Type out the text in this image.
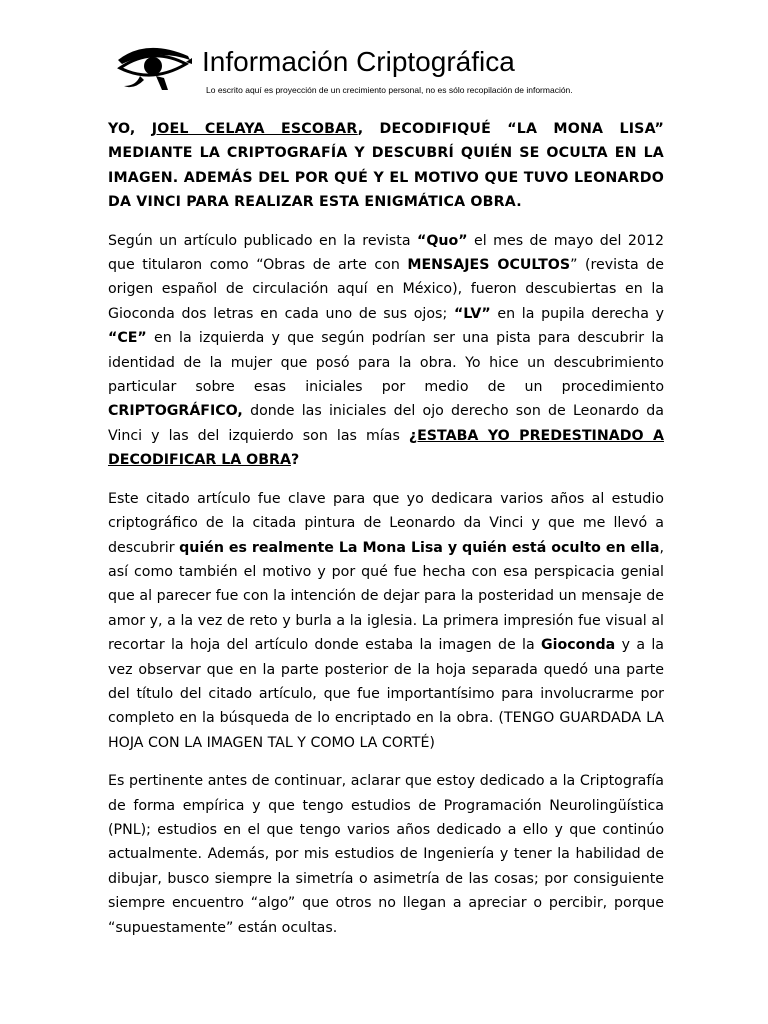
Información Criptográfica
Lo escrito aquí es proyección de un crecimiento personal, no es sólo recopilación de información.

YO, JOEL CELAYA ESCOBAR, DECODIFIQUÉ “LA MONA LISA” MEDIANTE LA CRIPTOGRAFÍA Y DESCUBRÍ QUIÉN SE OCULTA EN LA IMAGEN. ADEMÁS DEL POR QUÉ Y EL MOTIVO QUE TUVO LEONARDO DA VINCI PARA REALIZAR ESTA ENIGMÁTICA OBRA.

Según un artículo publicado en la revista “Quo” el mes de mayo del 2012 que titularon como “Obras de arte con MENSAJES OCULTOS” (revista de origen español de circulación aquí en México), fueron descubiertas en la Gioconda dos letras en cada uno de sus ojos; “LV” en la pupila derecha y “CE” en la izquierda y que según podrían ser una pista para descubrir la identidad de la mujer que posó para la obra. Yo hice un descubrimiento particular sobre esas iniciales por medio de un procedimiento CRIPTOGRÁFICO, donde las iniciales del ojo derecho son de Leonardo da Vinci y las del izquierdo son las mías ¿ESTABA YO PREDESTINADO A DECODIFICAR LA OBRA?

Este citado artículo fue clave para que yo dedicara varios años al estudio criptográfico de la citada pintura de Leonardo da Vinci y que me llevó a descubrir quién es realmente La Mona Lisa y quién está oculto en ella, así como también el motivo y por qué fue hecha con esa perspicacia genial que al parecer fue con la intención de dejar para la posteridad un mensaje de amor y, a la vez de reto y burla a la iglesia. La primera impresión fue visual al recortar la hoja del artículo donde estaba la imagen de la Gioconda y a la vez observar que en la parte posterior de la hoja separada quedó una parte del título del citado artículo, que fue importantísimo para involucrarme por completo en la búsqueda de lo encriptado en la obra. (TENGO GUARDADA LA HOJA CON LA IMAGEN TAL Y COMO LA CORTÉ)

Es pertinente antes de continuar, aclarar que estoy dedicado a la Criptografía de forma empírica y que tengo estudios de Programación Neurolingüística (PNL); estudios en el que tengo varios años dedicado a ello y que continúo actualmente. Además, por mis estudios de Ingeniería y tener la habilidad de dibujar, busco siempre la simetría o asimetría de las cosas; por consiguiente siempre encuentro “algo” que otros no llegan a apreciar o percibir, porque “supuestamente” están ocultas.
